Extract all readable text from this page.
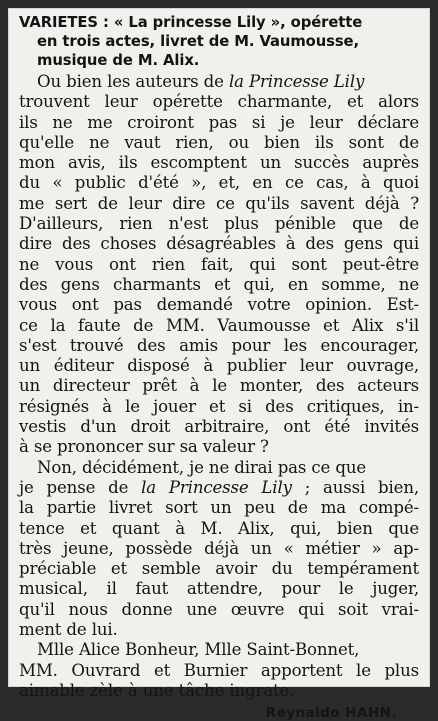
VARIETES : « La princesse Lily », opérette
en trois actes, livret de M. Vaumousse,
musique de M. Alix.
Ou bien les auteurs de la Princesse Lily
trouvent leur opérette charmante, et alors
ils ne me croiront pas si je leur déclare
qu'elle ne vaut rien, ou bien ils sont de
mon avis, ils escomptent un succès auprès
du « public d'été », et, en ce cas, à quoi
me sert de leur dire ce qu'ils savent déjà ?
D'ailleurs, rien n'est plus pénible que de
dire des choses désagréables à des gens qui
ne vous ont rien fait, qui sont peut-être
des gens charmants et qui, en somme, ne
vous ont pas demandé votre opinion. Est-
ce la faute de MM. Vaumousse et Alix s'il
s'est trouvé des amis pour les encourager,
un éditeur disposé à publier leur ouvrage,
un directeur prêt à le monter, des acteurs
résignés à le jouer et si des critiques, in-
vestis d'un droit arbitraire, ont été invités
à se prononcer sur sa valeur ?
Non, décidément, je ne dirai pas ce que
je pense de la Princesse Lily ; aussi bien,
la partie livret sort un peu de ma compé-
tence et quant à M. Alix, qui, bien que
très jeune, possède déjà un « métier » ap-
préciable et semble avoir du tempérament
musical, il faut attendre, pour le juger,
qu'il nous donne une œuvre qui soit vrai-
ment de lui.
Mlle Alice Bonheur, Mlle Saint-Bonnet,
MM. Ouvrard et Burnier apportent le plus
aimable zèle à une tâche ingrate.
Reynaldo HAHN.
